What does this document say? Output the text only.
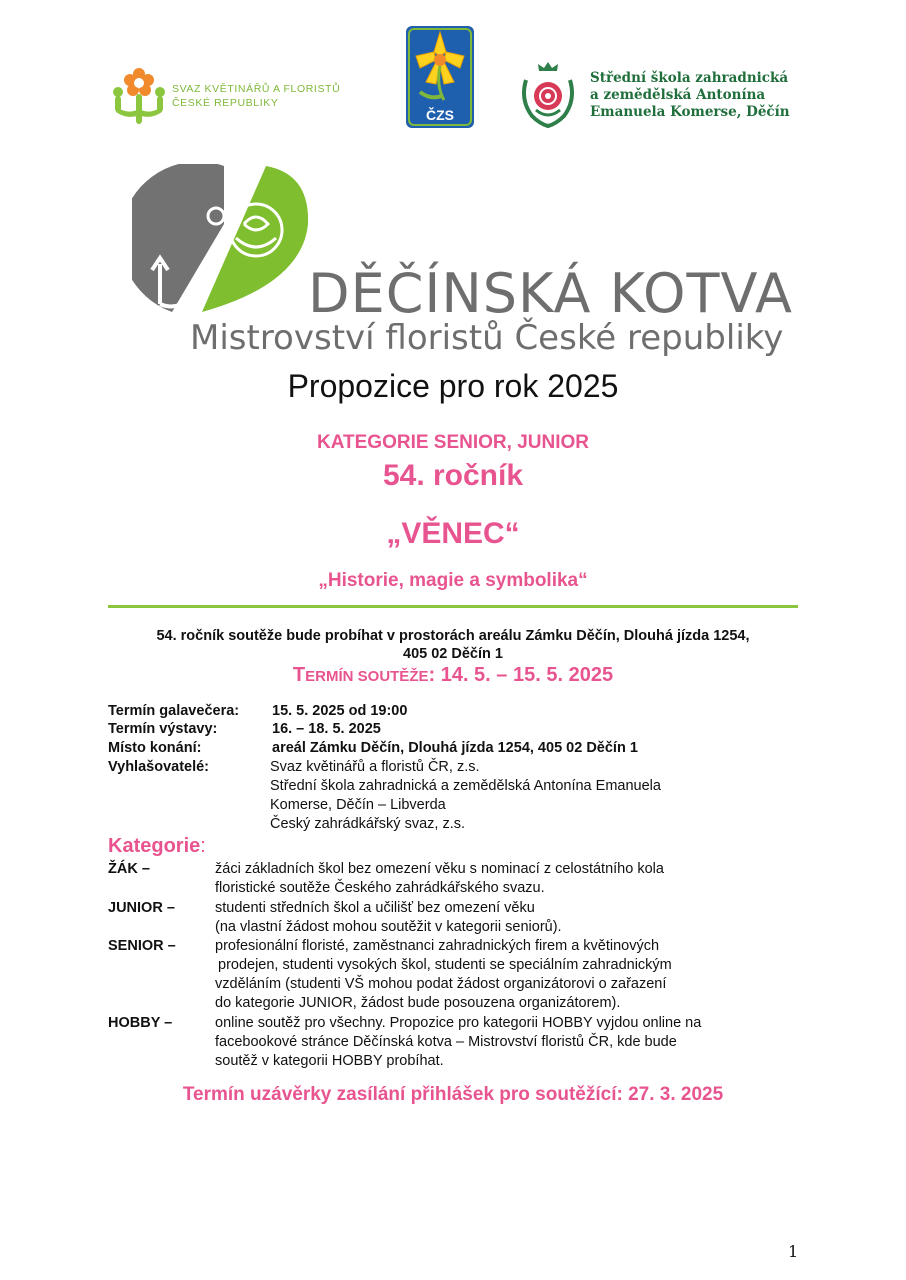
SVAZ KVĚTINÁŘŮ A FLORISTŮ
ČESKÉ REPUBLIKY
ČZS
Střední škola zahradnická
a zemědělská Antonína
Emanuela Komerse, Děčín
DĚČÍNSKÁ KOTVA
Mistrovství floristů České republiky
Propozice pro rok 2025
KATEGORIE SENIOR, JUNIOR
54. ročník
„VĚNEC“
„Historie, magie a symbolika“
54. ročník soutěže bude probíhat v prostorách areálu Zámku Děčín, Dlouhá jízda 1254,
405 02 Děčín 1
TERMÍN SOUTĚŽE: 14. 5. – 15. 5. 2025
Termín galavečera: 15. 5. 2025 od 19:00
Termín výstavy:	16. – 18. 5. 2025
Místo konání:	areál Zámku Děčín, Dlouhá jízda 1254, 405 02 Děčín 1
Vyhlašovatelé:	Svaz květinářů a floristů ČR, z.s.
Střední škola zahradnická a zemědělská Antonína Emanuela
Komerse, Děčín – Libverda
Český zahrádkářský svaz, z.s.
Kategorie:
ŽÁK –	žáci základních škol bez omezení věku s nominací z celostátního kola
floristické soutěže Českého zahrádkářského svazu.
JUNIOR –	studenti středních škol a učilišť bez omezení věku
(na vlastní žádost mohou soutěžit v kategorii seniorů).
SENIOR –	profesionální floristé, zaměstnanci zahradnických firem a květinových
prodejen, studenti vysokých škol, studenti se speciálním zahradnickým
vzděláním (studenti VŠ mohou podat žádost organizátorovi o zařazení
do kategorie JUNIOR, žádost bude posouzena organizátorem).
HOBBY –	online soutěž pro všechny. Propozice pro kategorii HOBBY vyjdou online na
facebookové stránce Děčínská kotva – Mistrovství floristů ČR, kde bude
soutěž v kategorii HOBBY probíhat.
Termín uzávěrky zasílání přihlášek pro soutěžící: 27. 3. 2025
1
